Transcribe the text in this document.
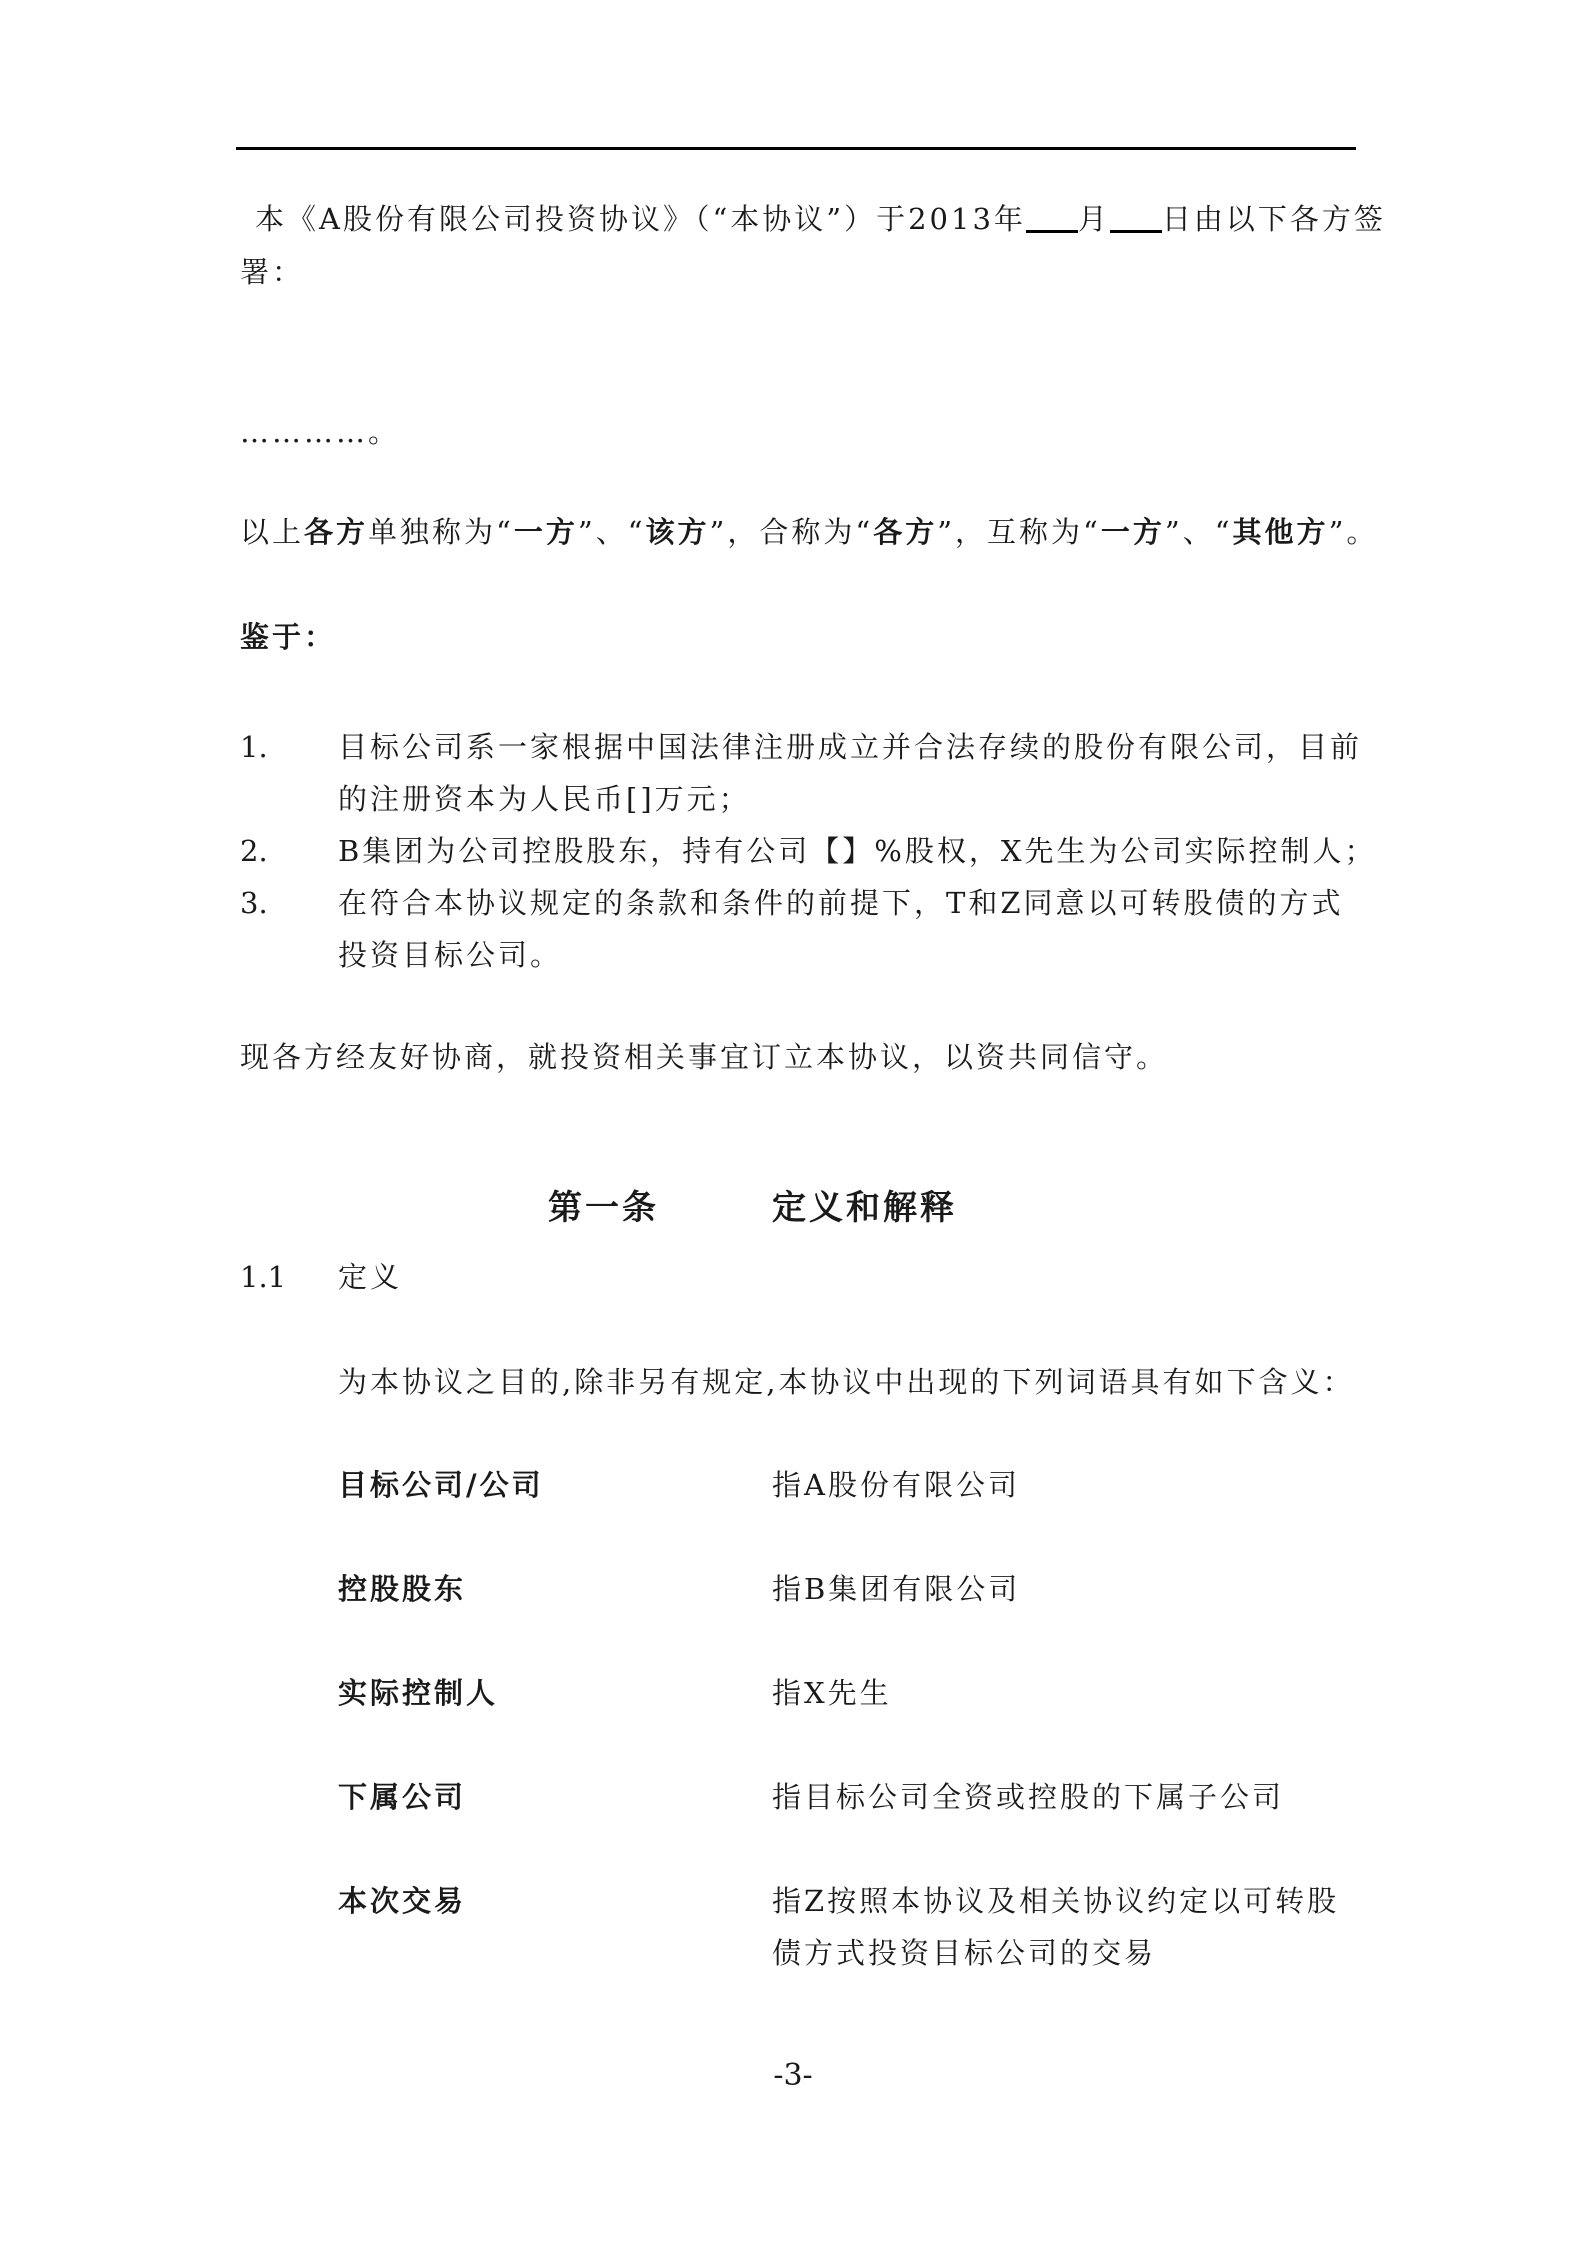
本《A股份有限公司投资协议》（“本协议”）于2013年 月 日由以下各方签
署：
…………。
以上各方单独称为“一方”、“该方”，合称为“各方”，互称为“一方”、“其他方”。
鉴于：
1. 目标公司系一家根据中国法律注册成立并合法存续的股份有限公司，目前
的注册资本为人民币[]万元；
2. B集团为公司控股股东，持有公司【】%股权，X先生为公司实际控制人；
3. 在符合本协议规定的条款和条件的前提下，T和Z同意以可转股债的方式
投资目标公司。
现各方经友好协商，就投资相关事宜订立本协议，以资共同信守。
第一条	定义和解释
1.1 定义
为本协议之目的,除非另有规定,本协议中出现的下列词语具有如下含义：
目标公司/公司	指A股份有限公司
控股股东	指B集团有限公司
实际控制人	指X先生
下属公司	指目标公司全资或控股的下属子公司
本次交易	指Z按照本协议及相关协议约定以可转股
债方式投资目标公司的交易
-3-
